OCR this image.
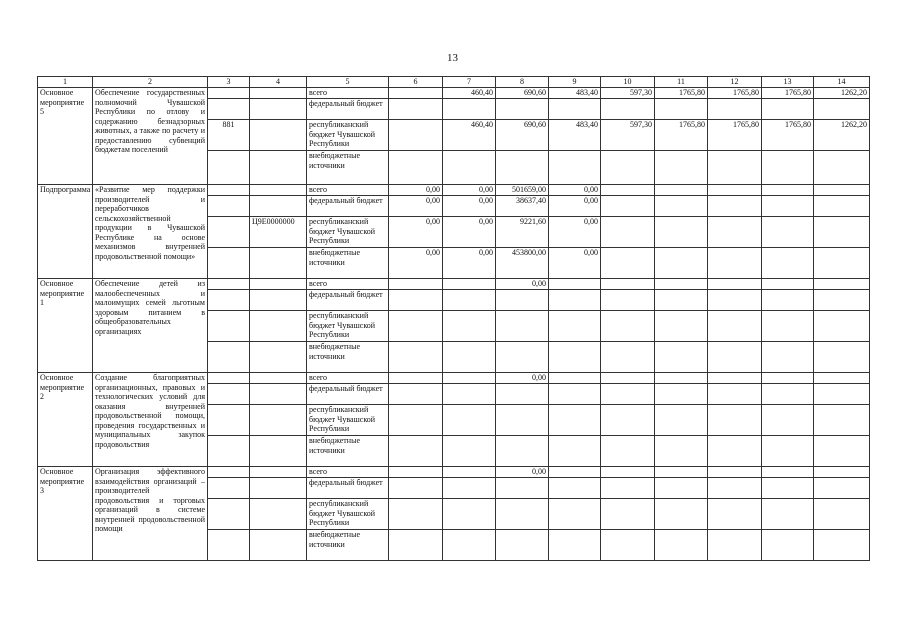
13
1	2	3	4	5	6	7	8	9	10	11	12	13	14
Основное мероприятие 5	Обеспечение государственных полномочий Чувашской Республики по отлову и содержанию безнадзорных животных, а также по расчету и предоставлению субвенций бюджетам поселений			всего		460,40	690,60	483,40	597,30	1765,80	1765,80	1765,80	1262,20
				федеральный бюджет									
		881		республиканский бюджет Чувашской Республики		460,40	690,60	483,40	597,30	1765,80	1765,80	1765,80	1262,20
				внебюджетные источники									
Подпрограмма	«Развитие мер поддержки производителей и переработчиков сельскохозяйственной продукции в Чувашской Республике на основе механизмов внутренней продовольственной помощи»			всего	0,00	0,00	501659,00	0,00					
				федеральный бюджет	0,00	0,00	38637,40	0,00					
			Ц9Е0000000	республиканский бюджет Чувашской Республики	0,00	0,00	9221,60	0,00					
				внебюджетные источники	0,00	0,00	453800,00	0,00					
Основное мероприятие 1	Обеспечение детей из малообеспеченных и малоимущих семей льготным здоровым питанием в общеобразовательных организациях			всего			0,00						
				федеральный бюджет									
				республиканский бюджет Чувашской Республики									
				внебюджетные источники									
Основное мероприятие 2	Создание благоприятных организационных, правовых и технологических условий для оказания внутренней продовольственной помощи, проведения государственных и муниципальных закупок продовольствия			всего			0,00						
				федеральный бюджет									
				республиканский бюджет Чувашской Республики									
				внебюджетные источники									
Основное мероприятие 3	Организация эффективного взаимодействия организаций – производителей продовольствия и торговых организаций в системе внутренней продовольственной помощи			всего			0,00						
				федеральный бюджет									
				республиканский бюджет Чувашской Республики									
				внебюджетные источники									
